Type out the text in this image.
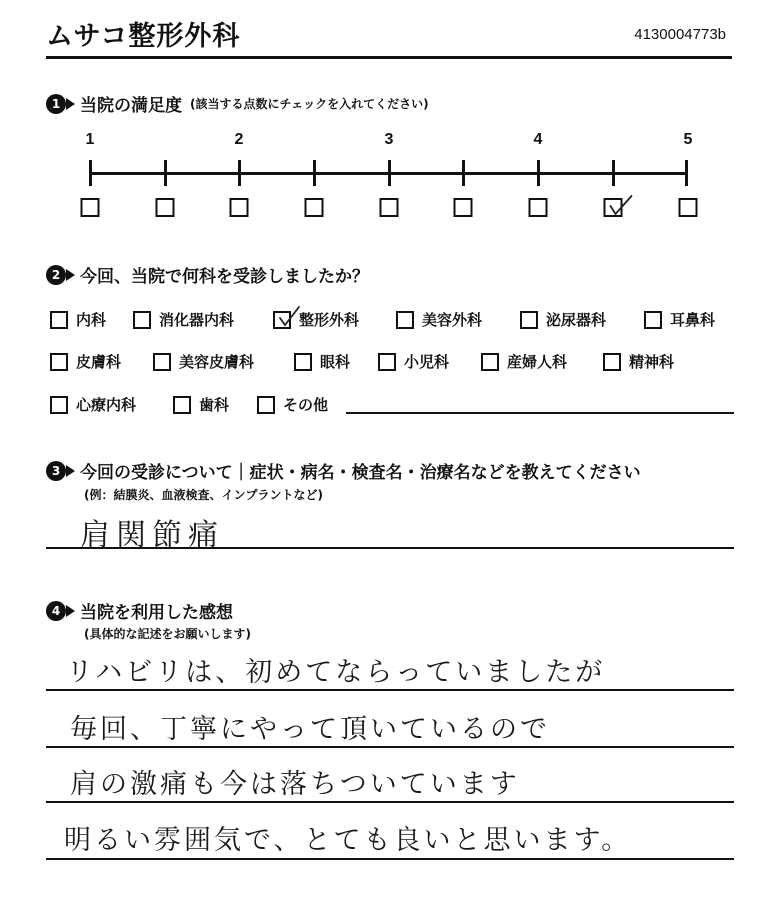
ムサコ整形外科	4130004773b
1	当院の満足度 (該当する点数にチェックを入れてください)
1	2	3	4	5
2	今回、当院で何科を受診しましたか？
内科	消化器内科	整形外科	美容外科	泌尿器科	耳鼻科
皮膚科	美容皮膚科	眼科	小児科	産婦人科	精神科
心療内科	歯科	その他
3	今回の受診について｜症状・病名・検査名・治療名などを教えてください
(例：結膜炎、血液検査、インプラントなど)
肩関節痛
4	当院を利用した感想
(具体的な記述をお願いします)
リハビリは、初めてならっていましたが
毎回、丁寧にやって頂いているので
肩の激痛も今は落ちついています
明るい雰囲気で、とても良いと思います。
